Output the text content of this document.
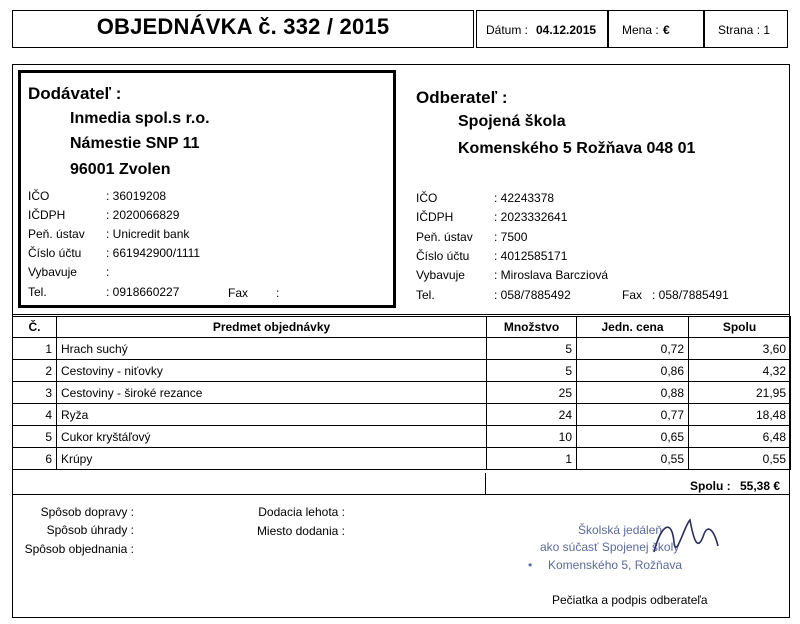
OBJEDNÁVKA č. 332 / 2015	Dátum : 04.12.2015 Mena : €	Strana : 1
Dodávateľ :
Inmedia spol.s r.o.
Námestie SNP 11
96001 Zvolen
IČO	: 36019208
IČDPH	: 2020066829
Peň. ústav : Unicredit bank
Číslo účtu : 661942900/1111
Vybavuje :
Tel.	: 0918660227	Fax :
Odberateľ :
Spojená škola
Komenského 5 Rožňava 048 01
IČO	: 42243378
IČDPH	: 2023332641
Peň. ústav : 7500
Číslo účtu : 4012585171
Vybavuje : Miroslava Barcziová
Tel.	: 058/7885492	Fax : 058/7885491
Č.	Predmet objednávky	Množstvo	Jedn. cena	Spolu
1	Hrach suchý	5	0,72	3,60
2	Cestoviny - niťovky	5	0,86	4,32
3	Cestoviny - široké rezance	25	0,88	21,95
4	Ryža	24	0,77	18,48
5	Cukor kryštáľový	10	0,65	6,48
6	Krúpy	1	0,55	0,55
Spolu : 55,38 €
Spôsob dopravy :
Spôsob úhrady :
Spôsob objednania :
Dodacia lehota :
Miesto dodania :	Školská jedáleň
ako súčasť Spojenej školy
Komenského 5, Rožňava
•
Pečiatka a podpis odberateľa
